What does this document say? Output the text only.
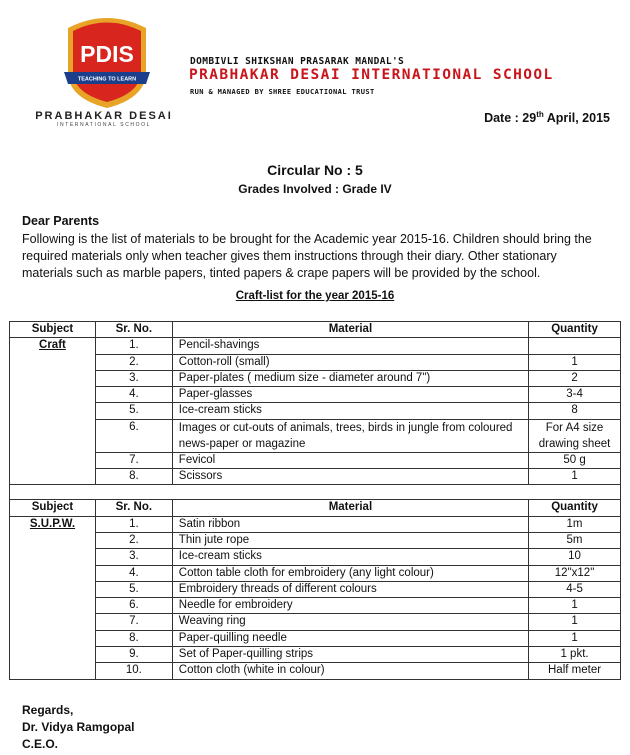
PDIS
TEACHING TO LEARN
PRABHAKAR DESAI
INTERNATIONAL SCHOOL
DOMBIVLI SHIKSHAN PRASARAK MANDAL'S
PRABHAKAR DESAI INTERNATIONAL SCHOOL
RUN & MANAGED BY SHREE EDUCATIONAL TRUST
Date : 29th April, 2015
Circular No : 5
Grades Involved : Grade IV
Dear Parents
Following is the list of materials to be brought for the Academic year 2015-16. Children should bring the required materials only when teacher gives them instructions through their diary. Other stationary materials such as marble papers, tinted papers & crape papers will be provided by the school.
Craft-list for the year 2015-16
Subject	Sr. No.	Material	Quantity
Craft	1.	Pencil-shavings	
	2.	Cotton-roll (small)	1
	3.	Paper-plates ( medium size - diameter around 7")	2
	4.	Paper-glasses	3-4
	5.	Ice-cream sticks	8
	6.	Images or cut-outs of animals, trees, birds in jungle from coloured news-paper or magazine	For A4 size drawing sheet
	7.	Fevicol	50 g
	8.	Scissors	1

Subject	Sr. No.	Material	Quantity
S.U.P.W.	1.	Satin ribbon	1m
	2.	Thin jute rope	5m
	3.	Ice-cream sticks	10
	4.	Cotton table cloth for embroidery (any light colour)	12"x12"
	5.	Embroidery threads of different colours	4-5
	6.	Needle for embroidery	1
	7.	Weaving ring	1
	8.	Paper-quilling needle	1
	9.	Set of Paper-quilling strips	1 pkt.
	10.	Cotton cloth (white in colour)	Half meter
Regards,
Dr. Vidya Ramgopal
C.E.O.
